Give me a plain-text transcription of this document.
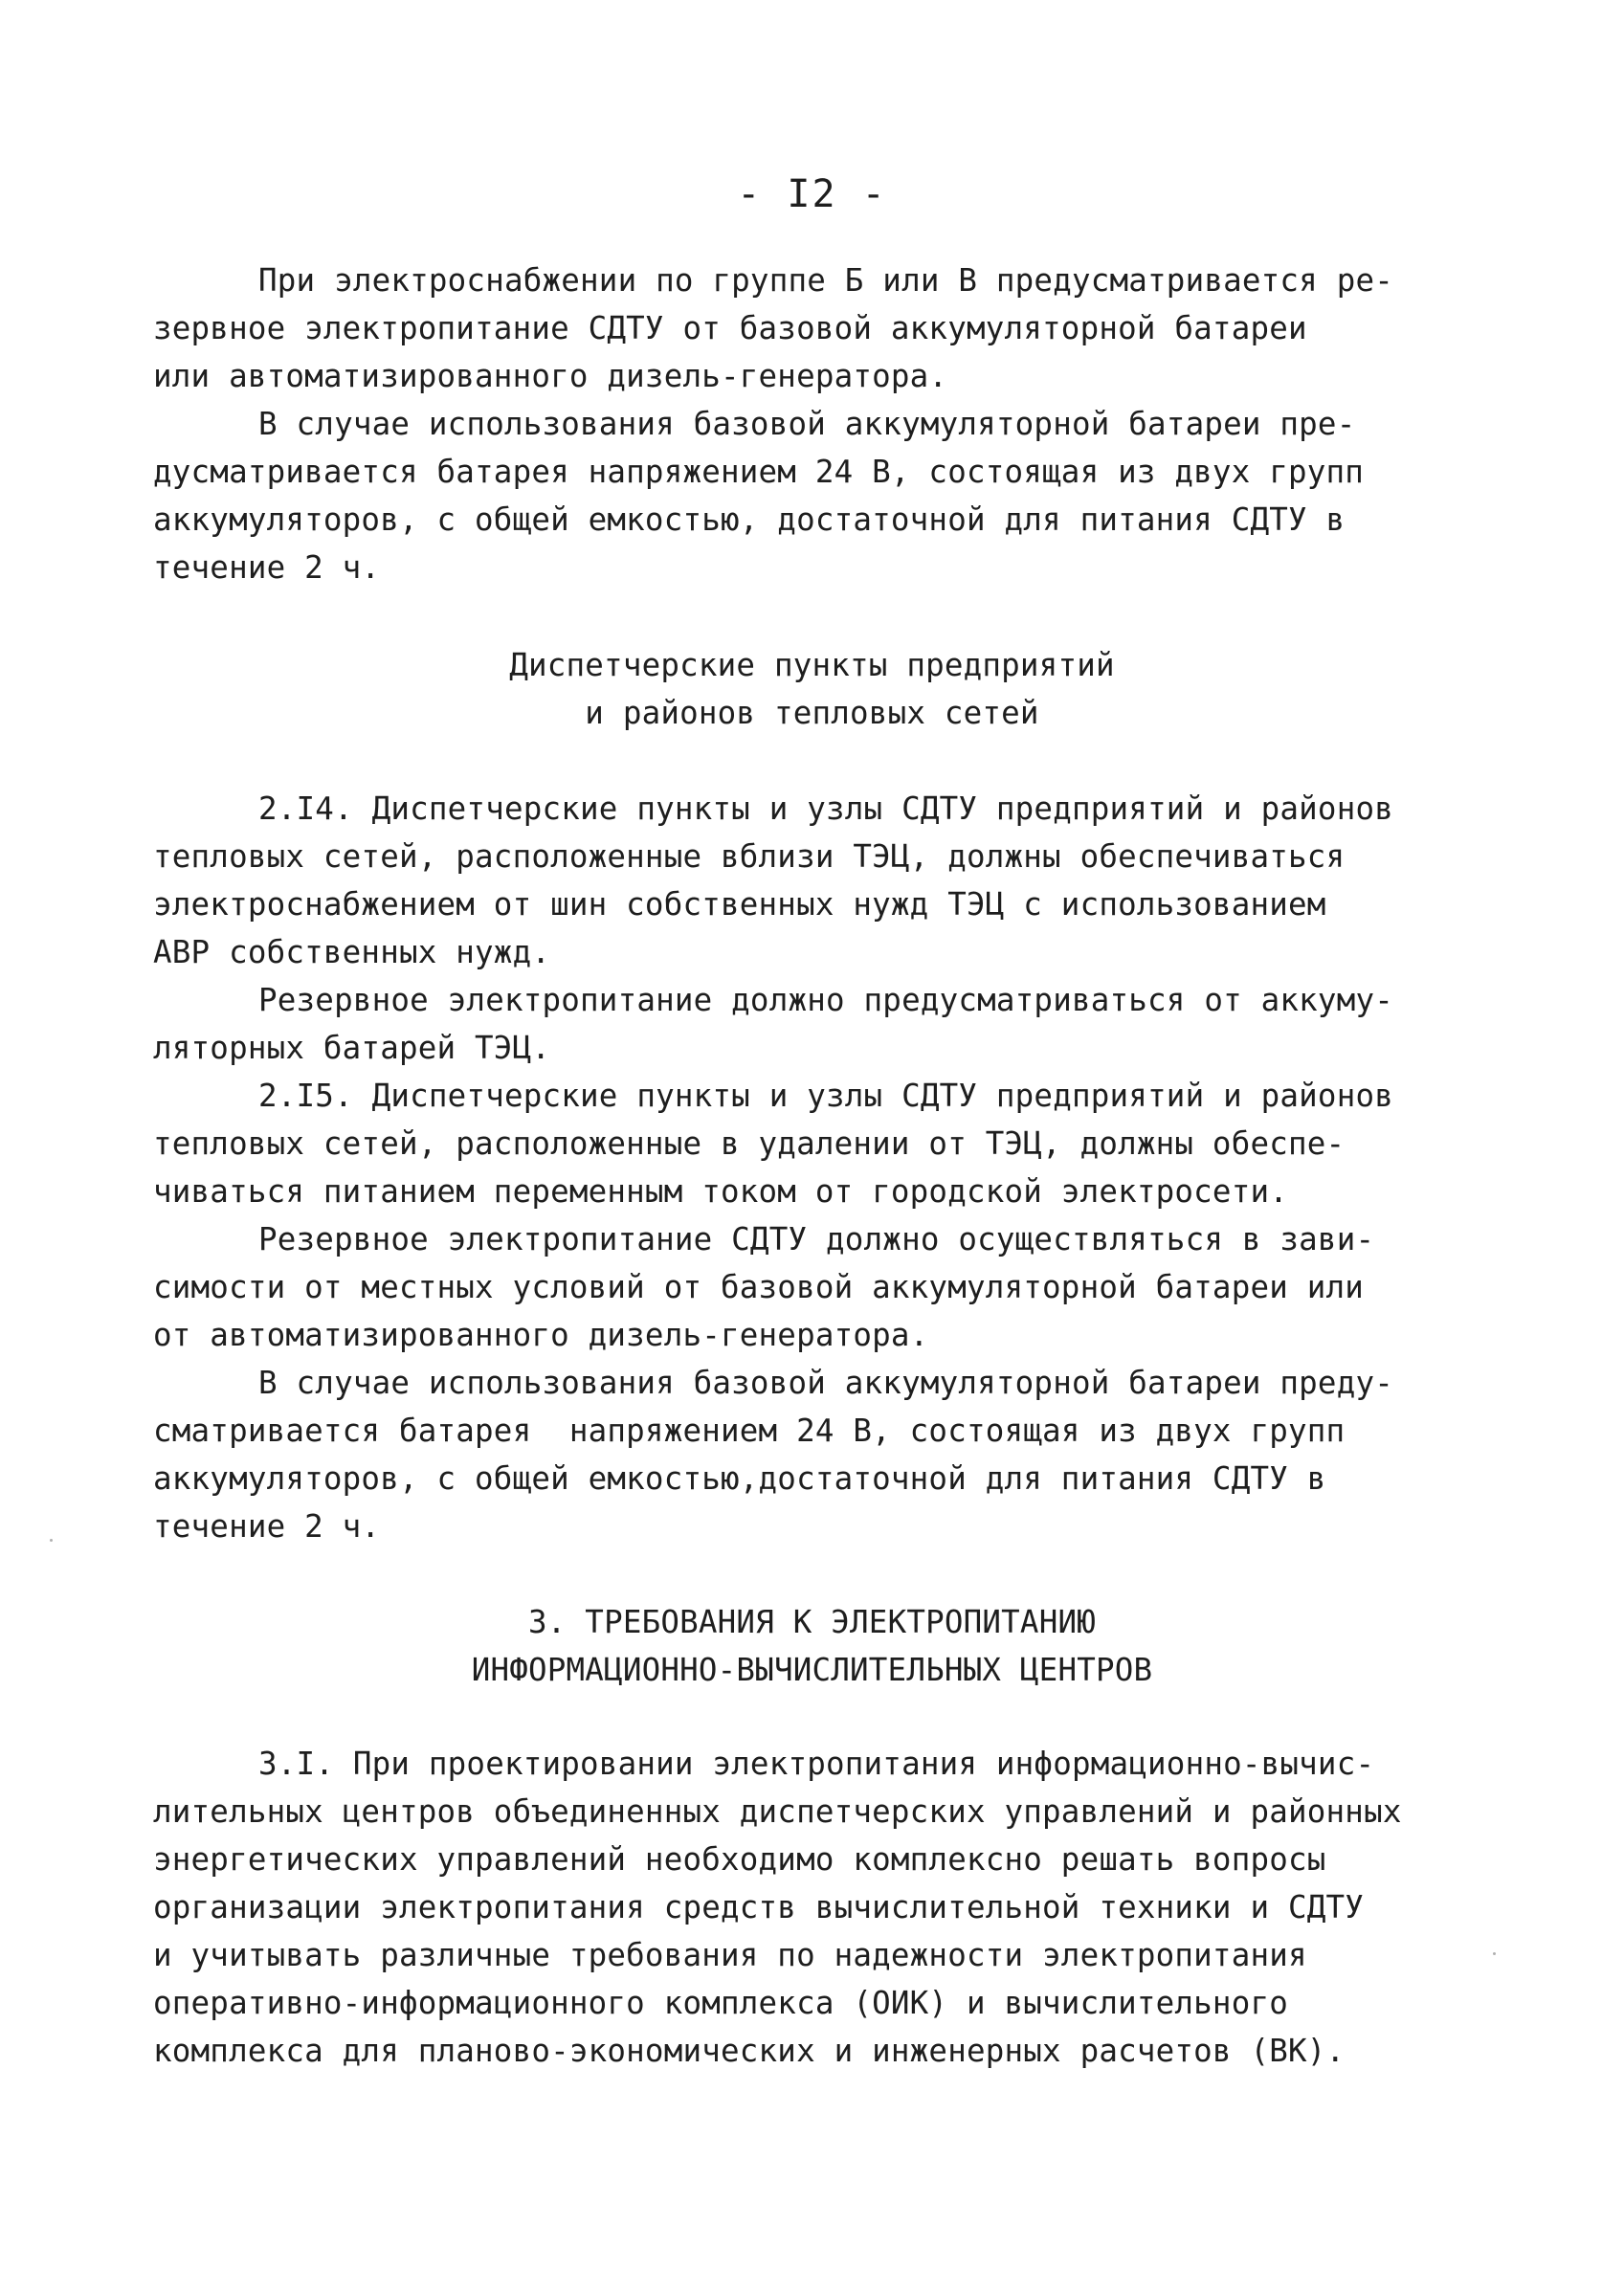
- I2 -
При электроснабжении по группе Б или В предусматривается ре-
зервное электропитание СДТУ от базовой аккумуляторной батареи
или автоматизированного дизель-генератора.
В случае использования базовой аккумуляторной батареи пре-
дусматривается батарея напряжением 24 В, состоящая из двух групп
аккумуляторов, с общей емкостью, достаточной для питания СДТУ в
течение 2 ч.
Диспетчерские пункты предприятий
и районов тепловых сетей
2.I4. Диспетчерские пункты и узлы СДТУ предприятий и районов
тепловых сетей, расположенные вблизи ТЭЦ, должны обеспечиваться
электроснабжением от шин собственных нужд ТЭЦ с использованием
АВР собственных нужд.
Резервное электропитание должно предусматриваться от аккуму-
ляторных батарей ТЭЦ.
2.I5. Диспетчерские пункты и узлы СДТУ предприятий и районов
тепловых сетей, расположенные в удалении от ТЭЦ, должны обеспе-
чиваться питанием переменным током от городской электросети.
Резервное электропитание СДТУ должно осуществляться в зави-
симости от местных условий от базовой аккумуляторной батареи или
от автоматизированного дизель-генератора.
В случае использования базовой аккумуляторной батареи преду-
сматривается батарея  напряжением 24 В, состоящая из двух групп
аккумуляторов, с общей емкостью,достаточной для питания СДТУ в
течение 2 ч.
3. ТРЕБОВАНИЯ К ЭЛЕКТРОПИТАНИЮ
ИНФОРМАЦИОННО-ВЫЧИСЛИТЕЛЬНЫХ ЦЕНТРОВ
3.I. При проектировании электропитания информационно-вычис-
лительных центров объединенных диспетчерских управлений и районных
энергетических управлений необходимо комплексно решать вопросы
организации электропитания средств вычислительной техники и СДТУ
и учитывать различные требования по надежности электропитания
оперативно-информационного комплекса (ОИК) и вычислительного
комплекса для планово-экономических и инженерных расчетов (ВК).
